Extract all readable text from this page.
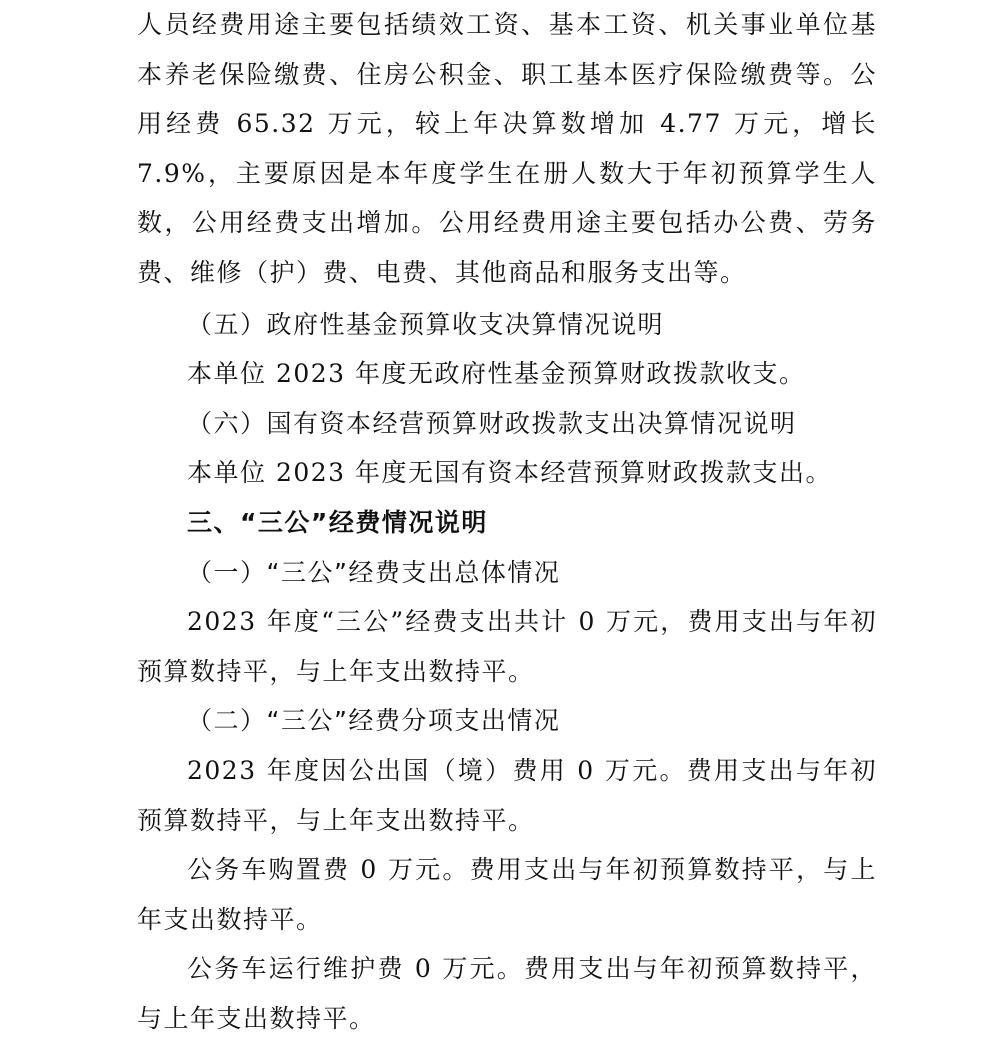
人员经费用途主要包括绩效工资、基本工资、机关事业单位基本养老保险缴费、住房公积金、职工基本医疗保险缴费等。公用经费 65.32 万元，较上年决算数增加 4.77 万元，增长 7.9%，主要原因是本年度学生在册人数大于年初预算学生人数，公用经费支出增加。公用经费用途主要包括办公费、劳务费、维修（护）费、电费、其他商品和服务支出等。

（五）政府性基金预算收支决算情况说明

本单位 2023 年度无政府性基金预算财政拨款收支。

（六）国有资本经营预算财政拨款支出决算情况说明

本单位 2023 年度无国有资本经营预算财政拨款支出。

三、“三公”经费情况说明

（一）“三公”经费支出总体情况

2023 年度“三公”经费支出共计 0 万元，费用支出与年初预算数持平，与上年支出数持平。

（二）“三公”经费分项支出情况

2023 年度因公出国（境）费用 0 万元。费用支出与年初预算数持平，与上年支出数持平。

公务车购置费 0 万元。费用支出与年初预算数持平，与上年支出数持平。

公务车运行维护费 0 万元。费用支出与年初预算数持平，与上年支出数持平。
